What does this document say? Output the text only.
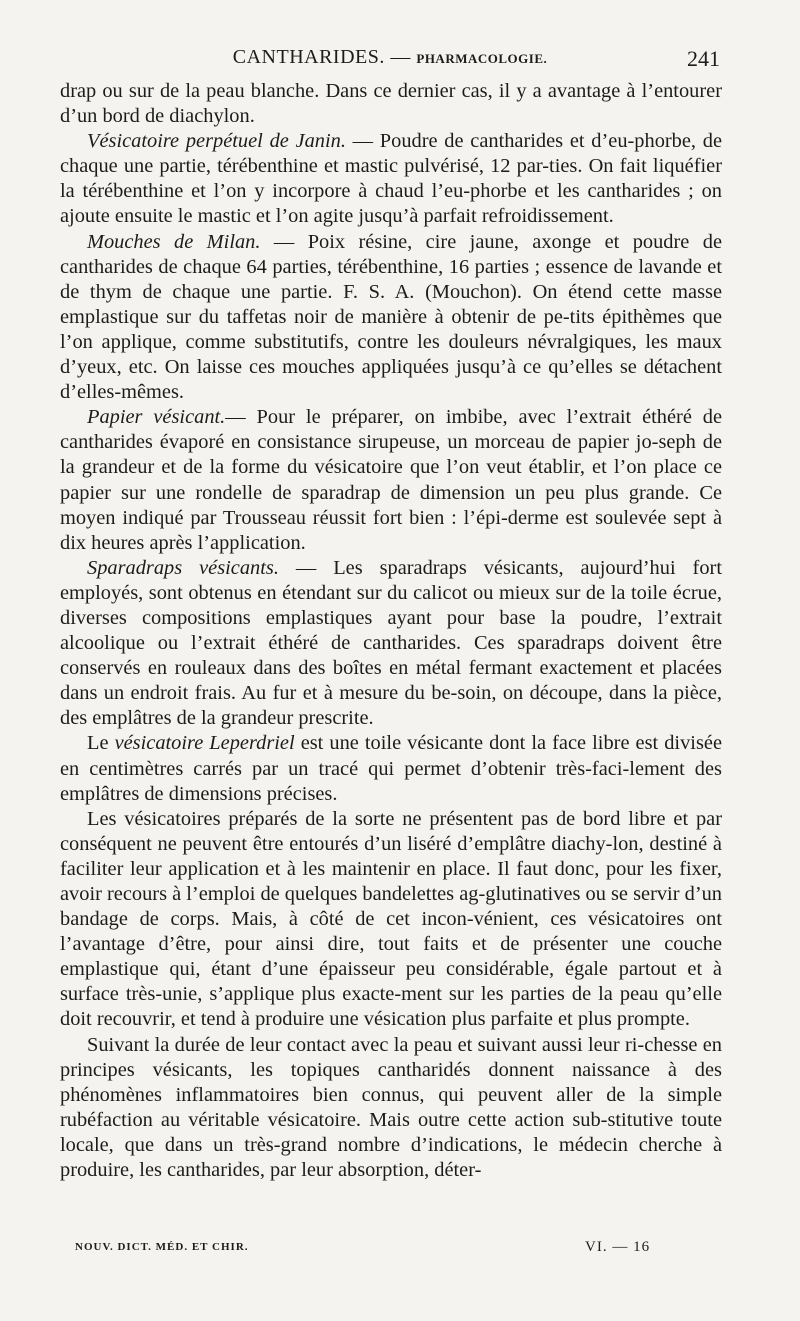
CANTHARIDES. — PHARMACOLOGIE.	241

drap ou sur de la peau blanche. Dans ce dernier cas, il y a avantage à l’entourer d’un bord de diachylon.

Vésicatoire perpétuel de Janin. — Poudre de cantharides et d’eu-phorbe, de chaque une partie, térébenthine et mastic pulvérisé, 12 par-ties. On fait liquéfier la térébenthine et l’on y incorpore à chaud l’eu-phorbe et les cantharides ; on ajoute ensuite le mastic et l’on agite jusqu’à parfait refroidissement.

Mouches de Milan. — Poix résine, cire jaune, axonge et poudre de cantharides de chaque 64 parties, térébenthine, 16 parties ; essence de lavande et de thym de chaque une partie. F. S. A. (Mouchon). On étend cette masse emplastique sur du taffetas noir de manière à obtenir de pe-tits épithèmes que l’on applique, comme substitutifs, contre les douleurs névralgiques, les maux d’yeux, etc. On laisse ces mouches appliquées jusqu’à ce qu’elles se détachent d’elles-mêmes.

Papier vésicant.— Pour le préparer, on imbibe, avec l’extrait éthéré de cantharides évaporé en consistance sirupeuse, un morceau de papier jo-seph de la grandeur et de la forme du vésicatoire que l’on veut établir, et l’on place ce papier sur une rondelle de sparadrap de dimension un peu plus grande. Ce moyen indiqué par Trousseau réussit fort bien : l’épi-derme est soulevée sept à dix heures après l’application.

Sparadraps vésicants. — Les sparadraps vésicants, aujourd’hui fort employés, sont obtenus en étendant sur du calicot ou mieux sur de la toile écrue, diverses compositions emplastiques ayant pour base la poudre, l’extrait alcoolique ou l’extrait éthéré de cantharides. Ces sparadraps doivent être conservés en rouleaux dans des boîtes en métal fermant exactement et placées dans un endroit frais. Au fur et à mesure du be-soin, on découpe, dans la pièce, des emplâtres de la grandeur prescrite.

Le vésicatoire Leperdriel est une toile vésicante dont la face libre est divisée en centimètres carrés par un tracé qui permet d’obtenir très-faci-lement des emplâtres de dimensions précises.

Les vésicatoires préparés de la sorte ne présentent pas de bord libre et par conséquent ne peuvent être entourés d’un liséré d’emplâtre diachy-lon, destiné à faciliter leur application et à les maintenir en place. Il faut donc, pour les fixer, avoir recours à l’emploi de quelques bandelettes ag-glutinatives ou se servir d’un bandage de corps. Mais, à côté de cet incon-vénient, ces vésicatoires ont l’avantage d’être, pour ainsi dire, tout faits et de présenter une couche emplastique qui, étant d’une épaisseur peu considérable, égale partout et à surface très-unie, s’applique plus exacte-ment sur les parties de la peau qu’elle doit recouvrir, et tend à produire une vésication plus parfaite et plus prompte.

Suivant la durée de leur contact avec la peau et suivant aussi leur ri-chesse en principes vésicants, les topiques cantharidés donnent naissance à des phénomènes inflammatoires bien connus, qui peuvent aller de la simple rubéfaction au véritable vésicatoire. Mais outre cette action sub-stitutive toute locale, que dans un très-grand nombre d’indications, le médecin cherche à produire, les cantharides, par leur absorption, déter-

NOUV. DICT. MÉD. ET CHIR.	VI. — 16
